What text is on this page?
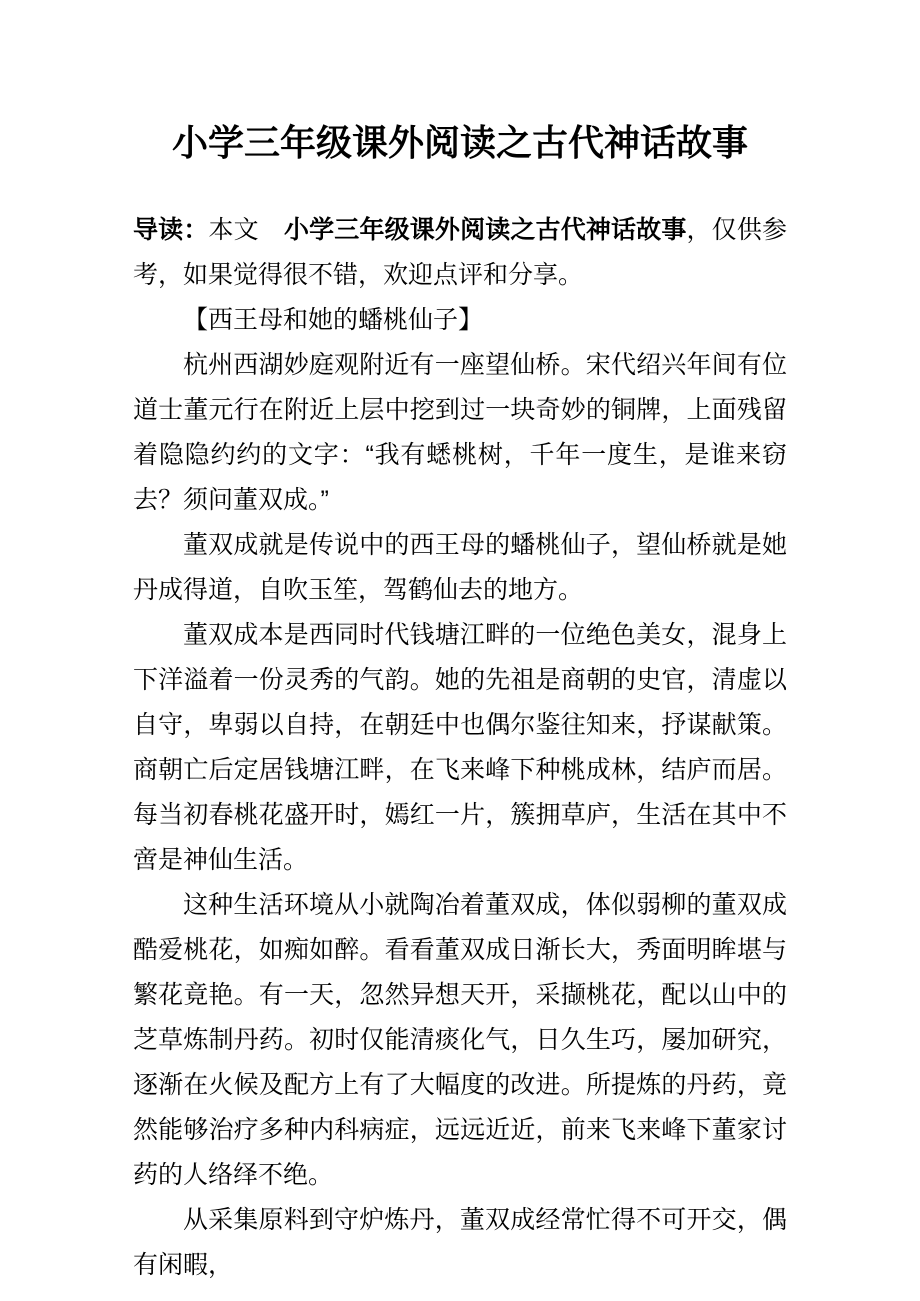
小学三年级课外阅读之古代神话故事

导读：本文　 小学三年级课外阅读之古代神话故事，仅供参考，如果觉得很不错，欢迎点评和分享。

【西王母和她的蟠桃仙子】

杭州西湖妙庭观附近有一座望仙桥。宋代绍兴年间有位道士董元行在附近上层中挖到过一块奇妙的铜牌，上面残留着隐隐约约的文字：“我有蟋桃树，千年一度生，是谁来窃去？须问董双成。”

董双成就是传说中的西王母的蟠桃仙子，望仙桥就是她丹成得道，自吹玉笙，驾鹤仙去的地方。

董双成本是西同时代钱塘江畔的一位绝色美女，混身上下洋溢着一份灵秀的气韵。她的先祖是商朝的史官，清虚以自守，卑弱以自持，在朝廷中也偶尔鉴往知来，抒谋献策。商朝亡后定居钱塘江畔，在飞来峰下种桃成林，结庐而居。每当初春桃花盛开时，嫣红一片，簇拥草庐，生活在其中不啻是神仙生活。

这种生活环境从小就陶冶着董双成，体似弱柳的董双成酷爱桃花，如痴如醉。看看董双成日渐长大，秀面明眸堪与繁花竟艳。有一天，忽然异想天开，采撷桃花，配以山中的芝草炼制丹药。初时仅能清痰化气，日久生巧，屡加研究，逐渐在火候及配方上有了大幅度的改进。所提炼的丹药，竟然能够治疗多种内科病症，远远近近，前来飞来峰下董家讨药的人络绎不绝。

从采集原料到守炉炼丹，董双成经常忙得不可开交，偶有闲暇，
